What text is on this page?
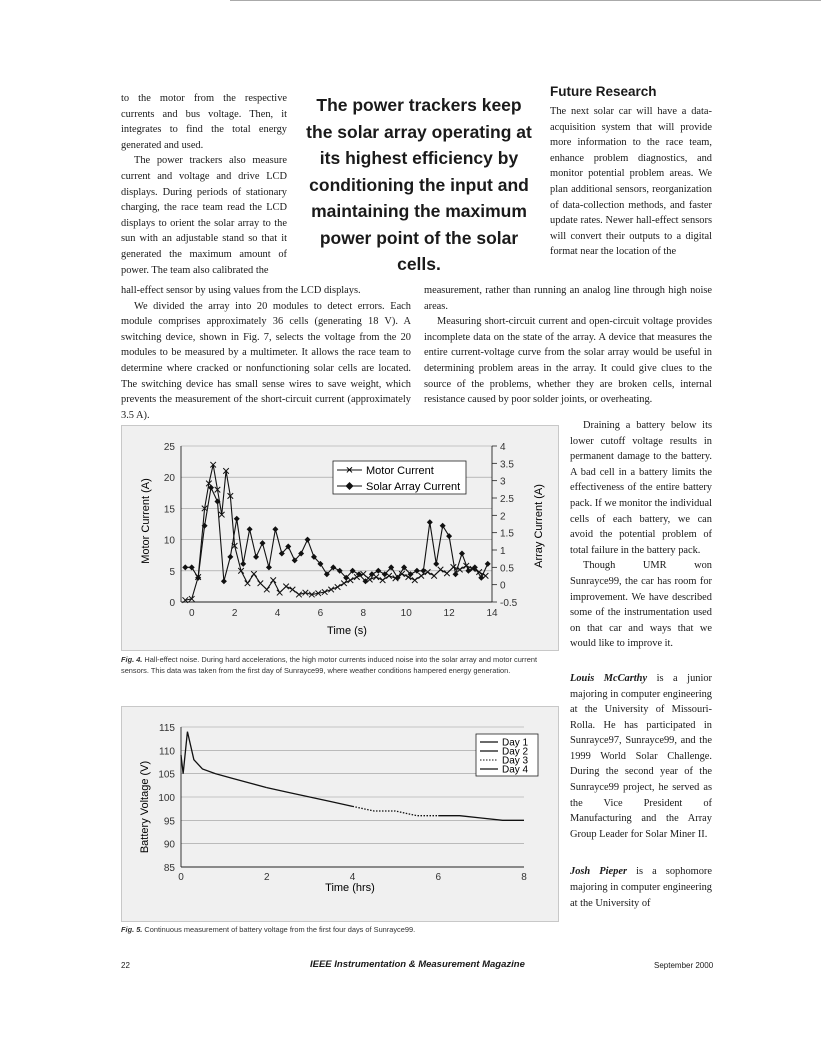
to the motor from the respective currents and bus voltage. Then, it integrates to find the total energy generated and used.

The power trackers also measure current and voltage and drive LCD displays. During periods of stationary charging, the race team read the LCD displays to orient the solar array to the sun with an adjustable stand so that it generated the maximum amount of power. The team also calibrated the

The power trackers keep the solar array operating at its highest efficiency by conditioning the input and maintaining the maximum power point of the solar cells.
Future Research

The next solar car will have a data-acquisition system that will provide more information to the race team, enhance problem diagnostics, and monitor potential problem areas. We plan additional sensors, reorganization of data-collection methods, and faster update rates. Newer hall-effect sensors will convert their outputs to a digital format near the location of the

hall-effect sensor by using values from the LCD displays.

We divided the array into 20 modules to detect errors. Each module comprises approximately 36 cells (generating 18 V). A switching device, shown in Fig. 7, selects the voltage from the 20 modules to be measured by a multimeter. It allows the race team to determine where cracked or nonfunctioning solar cells are located. The switching device has small sense wires to save weight, which prevents the measurement of the short-circuit current (approximately 3.5 A).

measurement, rather than running an analog line through high noise areas.

Measuring short-circuit current and open-circuit voltage provides incomplete data on the state of the array. A device that measures the entire current-voltage curve from the solar array would be useful in determining problem areas in the array. It could give clues to the source of the problems, whether they are broken cells, internal resistance caused by poor solder joints, or overheating.

Draining a battery below its lower cutoff voltage results in permanent damage to the battery. A bad cell in a battery limits the effectiveness of the entire battery pack. If we monitor the individual cells of each battery, we can avoid the potential problem of total failure in the battery pack.

Though UMR won Sunrayce99, the car has room for improvement. We have described some of the instrumentation used on that car and ways that we would like to improve it.

Louis McCarthy is a junior majoring in computer engineering at the University of Missouri-Rolla. He has participated in Sunrayce97, Sunrayce99, and the 1999 World Solar Challenge. During the second year of the Sunrayce99 project, he served as the Vice President of Manufacturing and the Array Group Leader for Solar Miner II.

Josh Pieper is a sophomore majoring in computer engineering at the University of

0	2	4	6	8	10	12	14
0
5
10
15
20
25
-0.5
0
0.5
1
1.5
2
2.5
3
3.5
4
Time (s)
Motor Current (A)	Array Current (A)
✕ Motor Current
Solar Array Current
Fig. 4. Hall-effect noise. During hard accelerations, the high motor currents induced noise into the solar array and motor current sensors. This data was taken from the first day of Sunrayce99, where weather conditions hampered energy generation.
0	2	4	6	8
85
90
95
100
105
110
115
Time (hrs)
Battery Voltage (V)
Day 1
Day 2
Day 3
Day 4
Fig. 5. Continuous measurement of battery voltage from the first four days of Sunrayce99.
22	IEEE Instrumentation & Measurement Magazine	September 2000
